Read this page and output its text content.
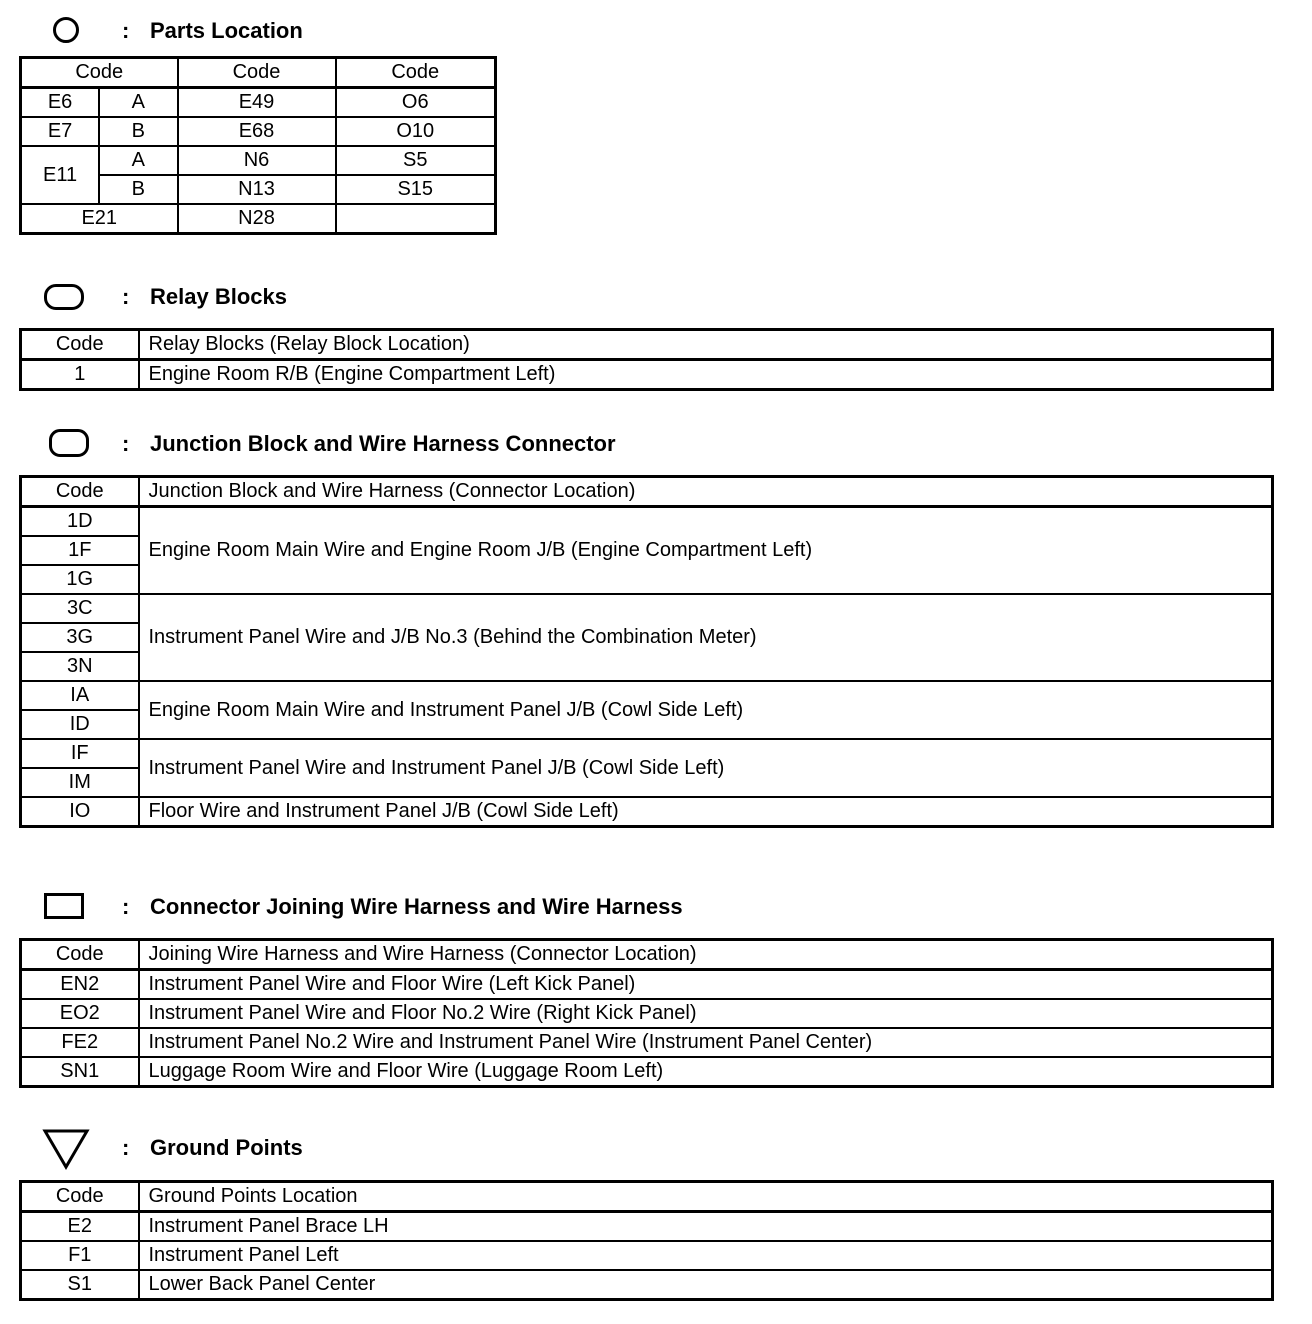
: Parts Location
Code		Code	Code
E6	A	E49	O6
E7	B	E68	O10
E11	A	N6	S5
	B	N13	S15
E21		N28	
: Relay Blocks
Code	Relay Blocks (Relay Block Location)
1	Engine Room R/B (Engine Compartment Left)
: Junction Block and Wire Harness Connector
Code	Junction Block and Wire Harness (Connector Location)
1D	Engine Room Main Wire and Engine Room J/B (Engine Compartment Left)
1F	
1G	
3C	Instrument Panel Wire and J/B No.3 (Behind the Combination Meter)
3G	
3N	
IA	Engine Room Main Wire and Instrument Panel J/B (Cowl Side Left)
ID	
IF	Instrument Panel Wire and Instrument Panel J/B (Cowl Side Left)
IM	
IO	Floor Wire and Instrument Panel J/B (Cowl Side Left)
: Connector Joining Wire Harness and Wire Harness
Code	Joining Wire Harness and Wire Harness (Connector Location)
EN2	Instrument Panel Wire and Floor Wire (Left Kick Panel)
EO2	Instrument Panel Wire and Floor No.2 Wire (Right Kick Panel)
FE2	Instrument Panel No.2 Wire and Instrument Panel Wire (Instrument Panel Center)
SN1	Luggage Room Wire and Floor Wire (Luggage Room Left)
: Ground Points
Code	Ground Points Location
E2	Instrument Panel Brace LH
F1	Instrument Panel Left
S1	Lower Back Panel Center
